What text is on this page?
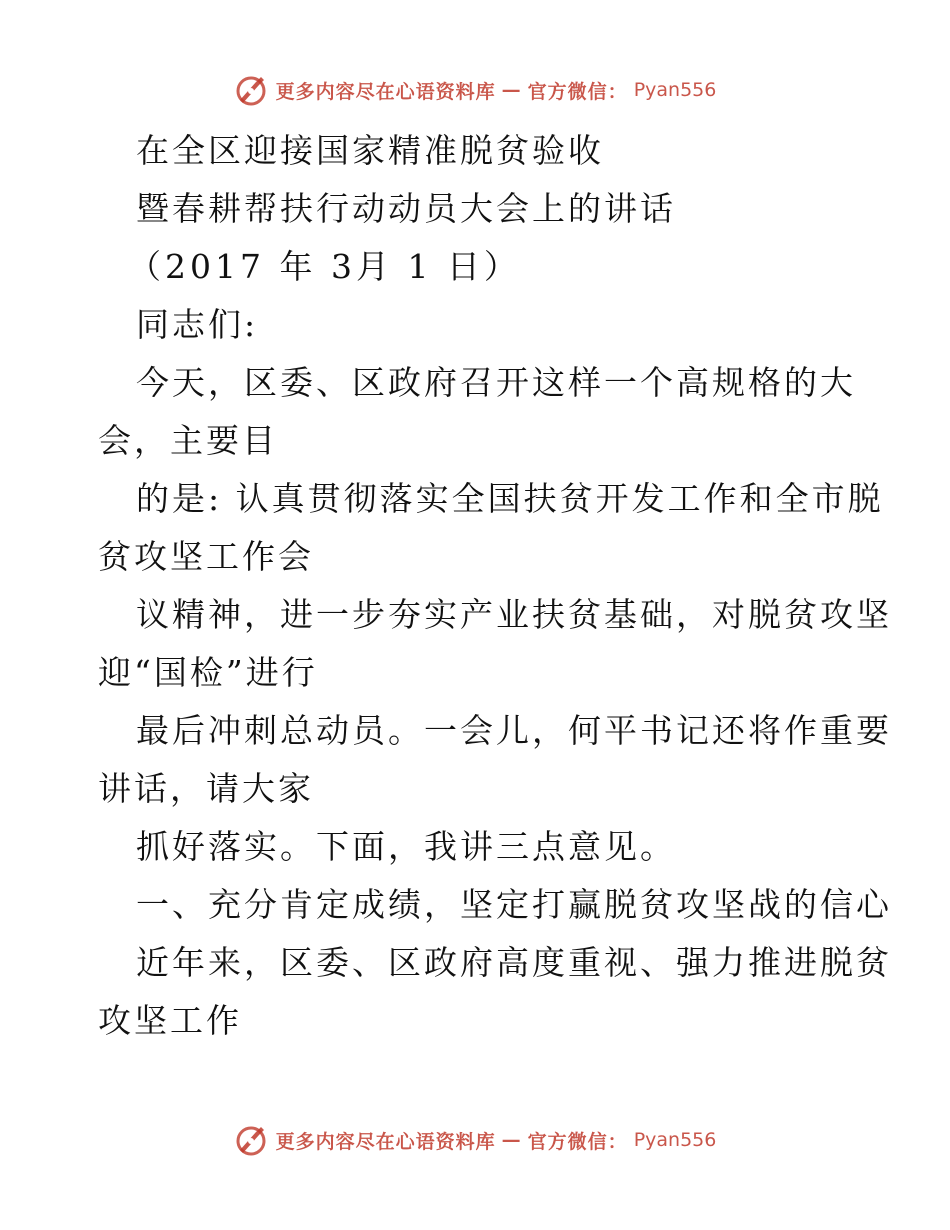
更多内容尽在心语资料库 — 官方微信： Pyan556
在全区迎接国家精准脱贫验收
暨春耕帮扶行动动员大会上的讲话
（2017 年 3月 1 日）
同志们:
今天，区委、区政府召开这样一个高规格的大
会，主要目
的是: 认真贯彻落实全国扶贫开发工作和全市脱
贫攻坚工作会
议精神，进一步夯实产业扶贫基础，对脱贫攻坚
迎“国检”进行
最后冲刺总动员。一会儿，何平书记还将作重要
讲话，请大家
抓好落实。下面，我讲三点意见。
一、充分肯定成绩，坚定打赢脱贫攻坚战的信心
近年来，区委、区政府高度重视、强力推进脱贫
攻坚工作
更多内容尽在心语资料库 — 官方微信： Pyan556
